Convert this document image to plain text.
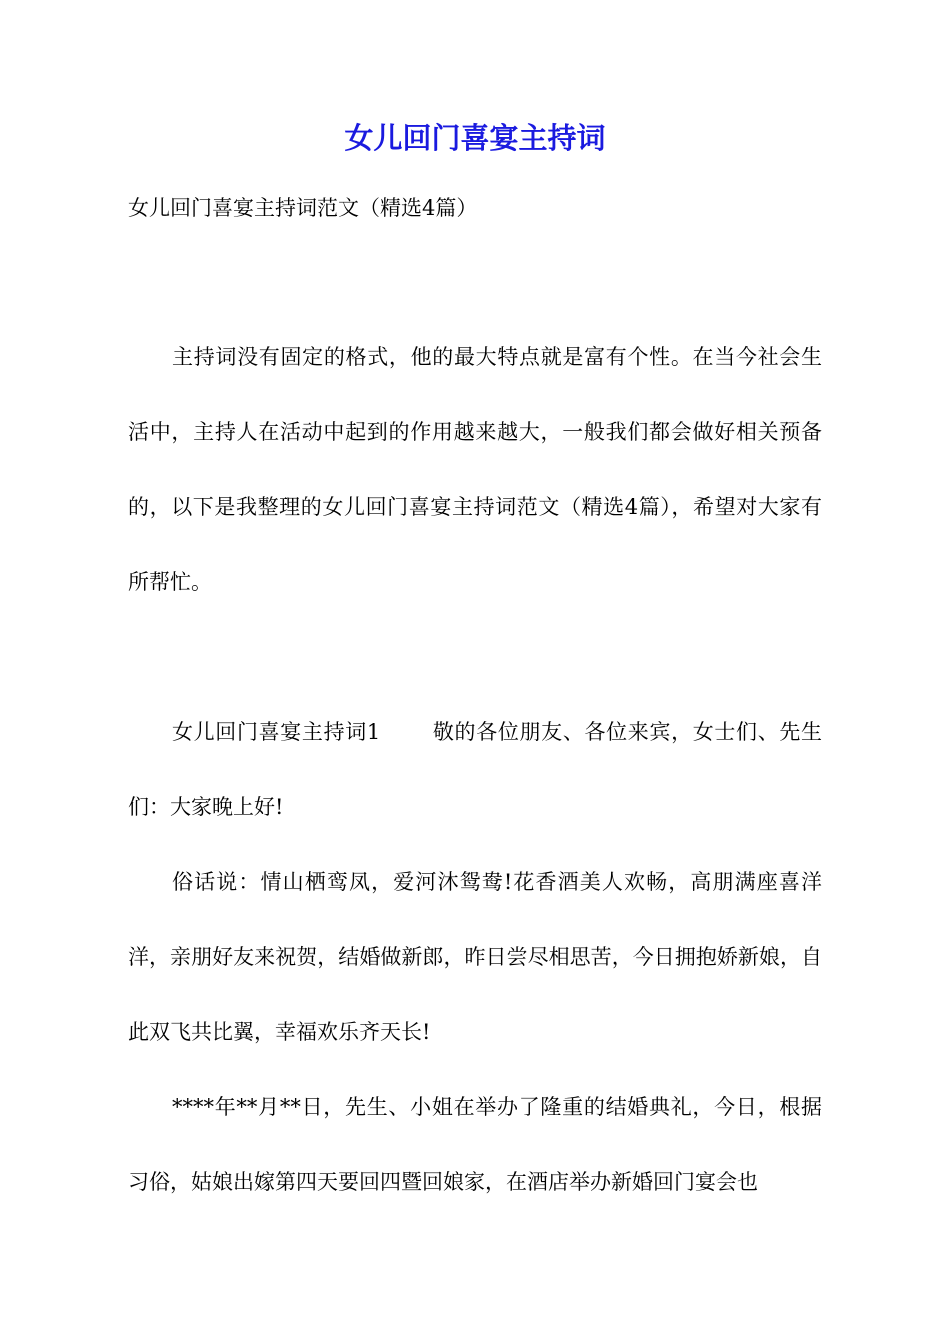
女儿回门喜宴主持词
女儿回门喜宴主持词范文（精选4篇）

主持词没有固定的格式，他的最大特点就是富有个性。在当今社会生活中，主持人在活动中起到的作用越来越大，一般我们都会做好相关预备的，以下是我整理的女儿回门喜宴主持词范文（精选4篇），希望对大家有所帮忙。

女儿回门喜宴主持词1 敬的各位朋友、各位来宾，女士们、先生们：大家晚上好!

俗话说：情山栖鸾凤，爱河沐鸳鸯!花香酒美人欢畅，高朋满座喜洋洋，亲朋好友来祝贺，结婚做新郎，昨日尝尽相思苦，今日拥抱娇新娘，自此双飞共比翼，幸福欢乐齐天长!

****年**月**日，先生、小姐在举办了隆重的结婚典礼，今日，根据习俗，姑娘出嫁第四天要回四暨回娘家，在酒店举办新婚回门宴会也
